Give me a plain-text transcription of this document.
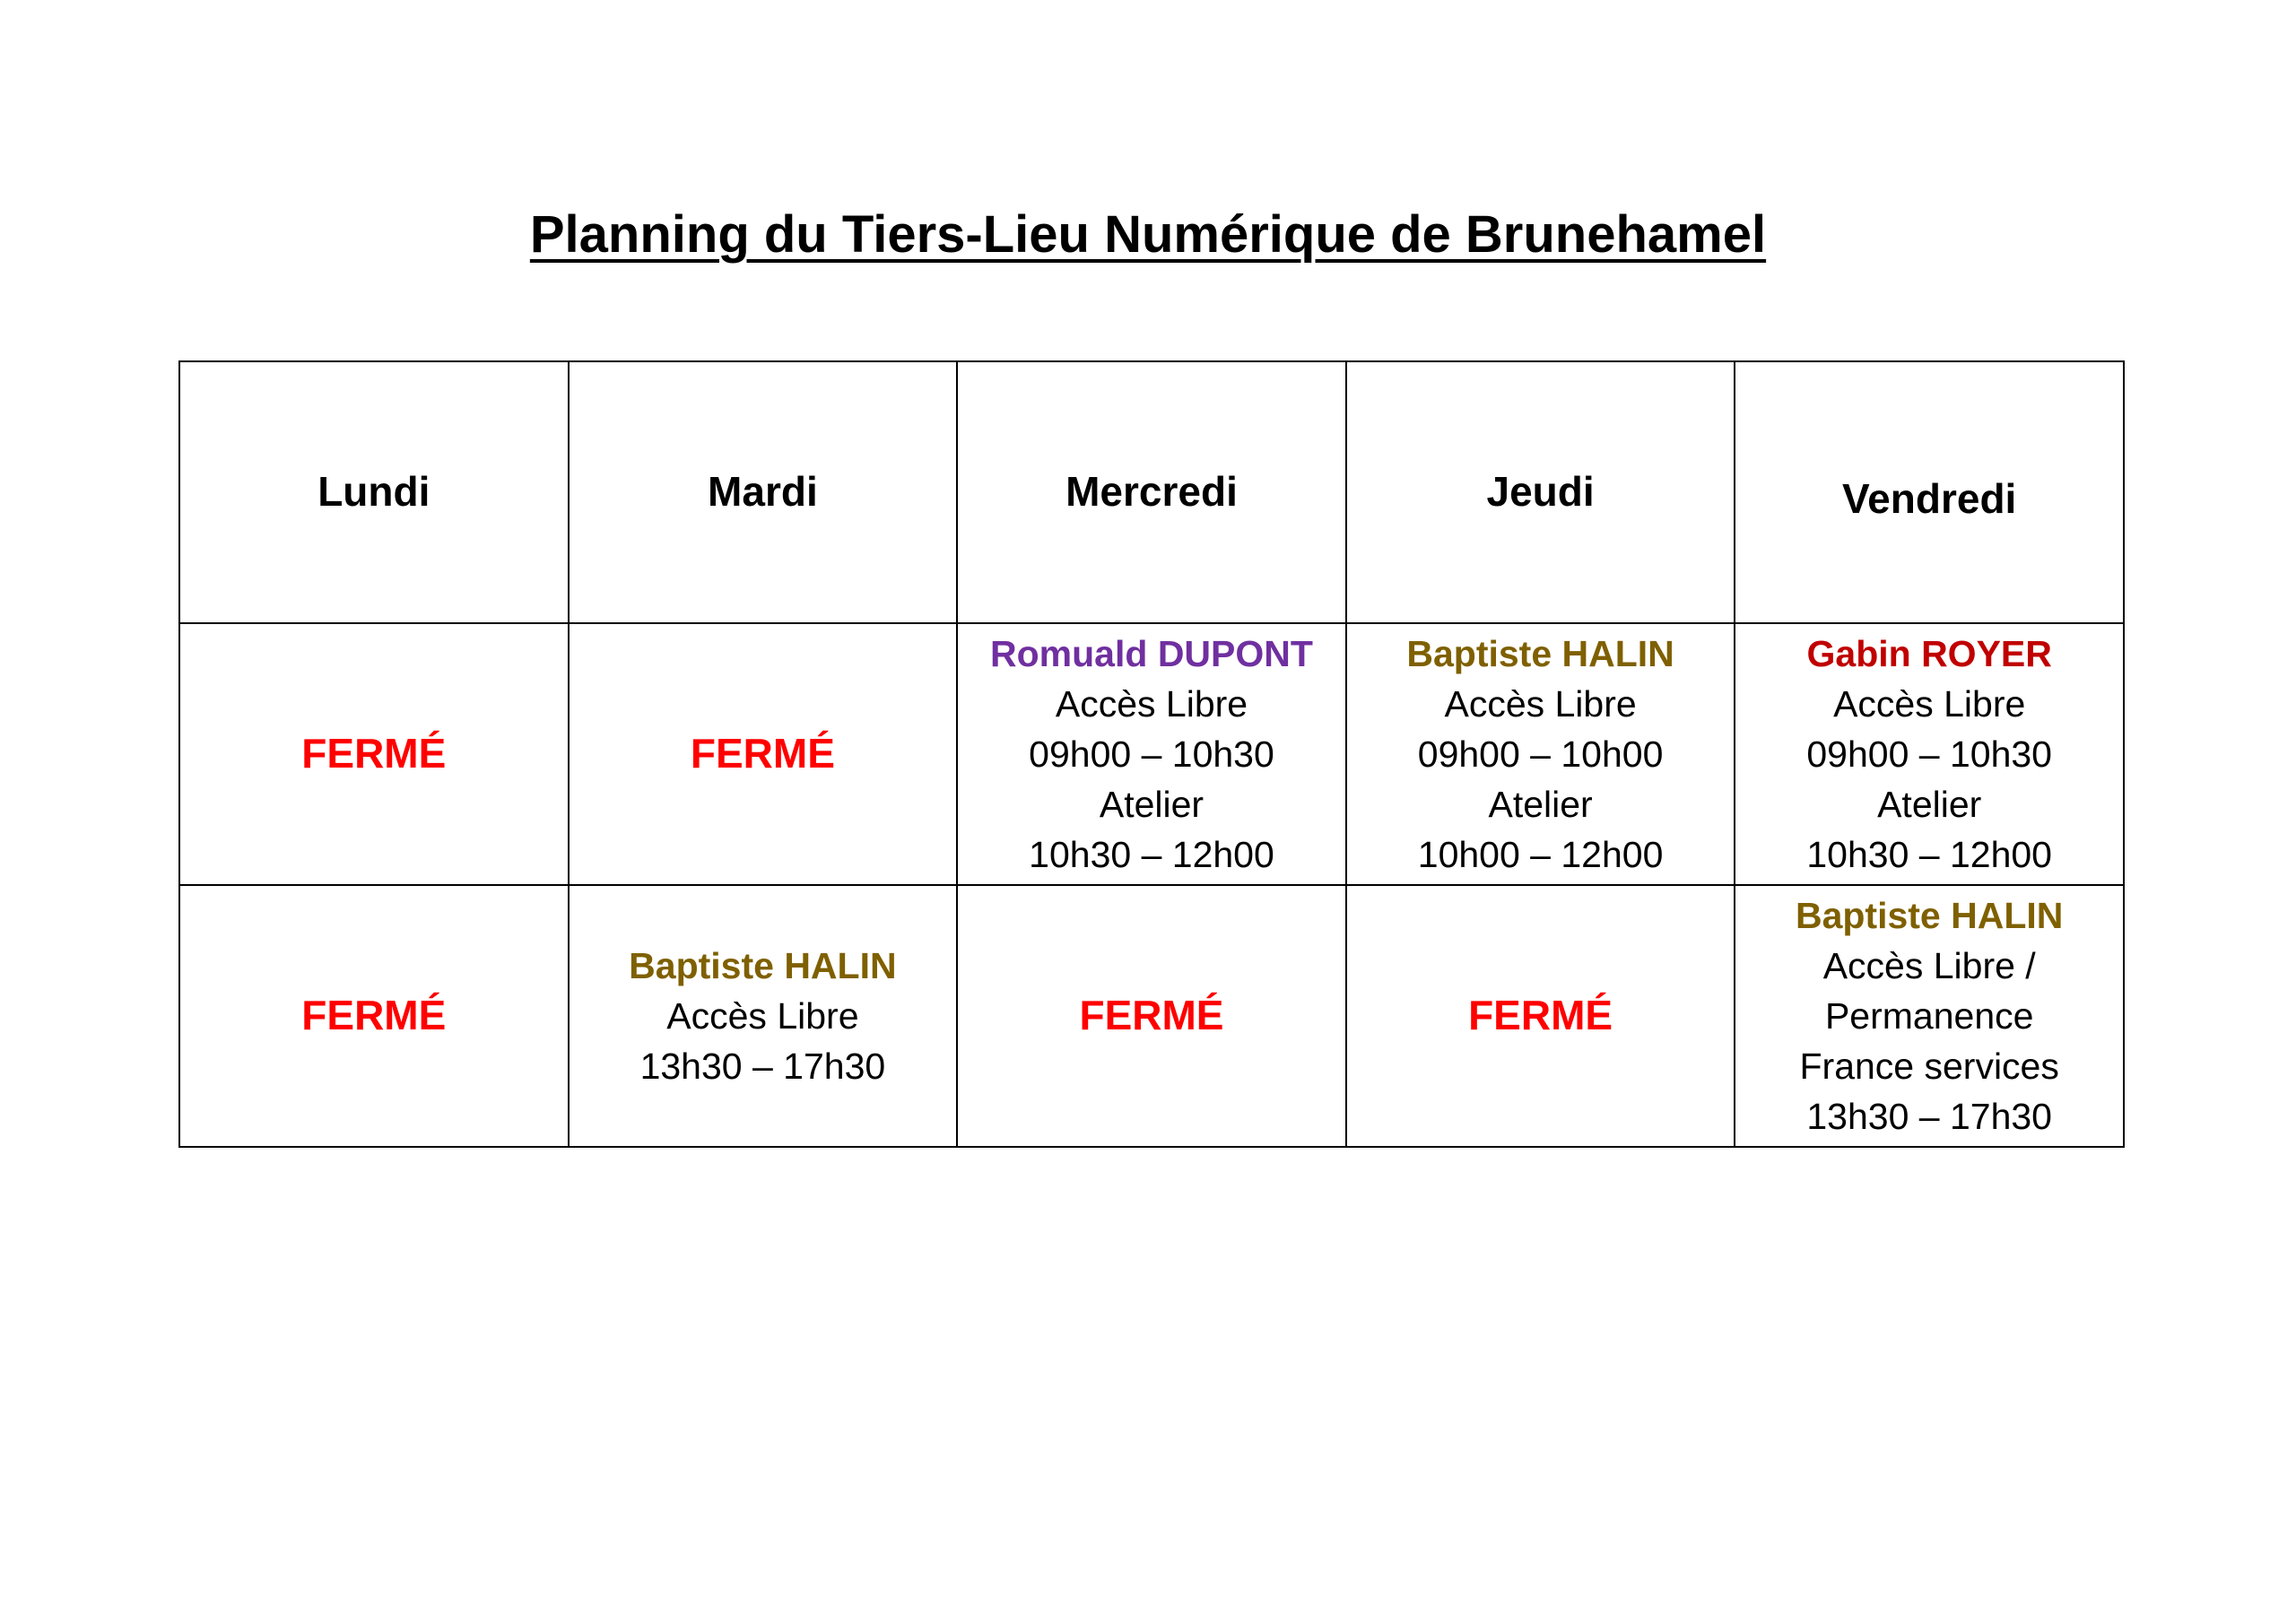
Planning du Tiers-Lieu Numérique de Brunehamel
Lundi	Mardi	Mercredi	Jeudi	Vendredi
FERMÉ	FERMÉ	Romuald DUPONT
Accès Libre
09h00 – 10h30
Atelier
10h30 – 12h00	Baptiste HALIN
Accès Libre
09h00 – 10h00
Atelier
10h00 – 12h00	Gabin ROYER
Accès Libre
09h00 – 10h30
Atelier
10h30 – 12h00

FERMÉ	Baptiste HALIN
Accès Libre
13h30 – 17h30	FERMÉ	FERMÉ	Baptiste HALIN
Accès Libre /
Permanence
France services
13h30 – 17h30
